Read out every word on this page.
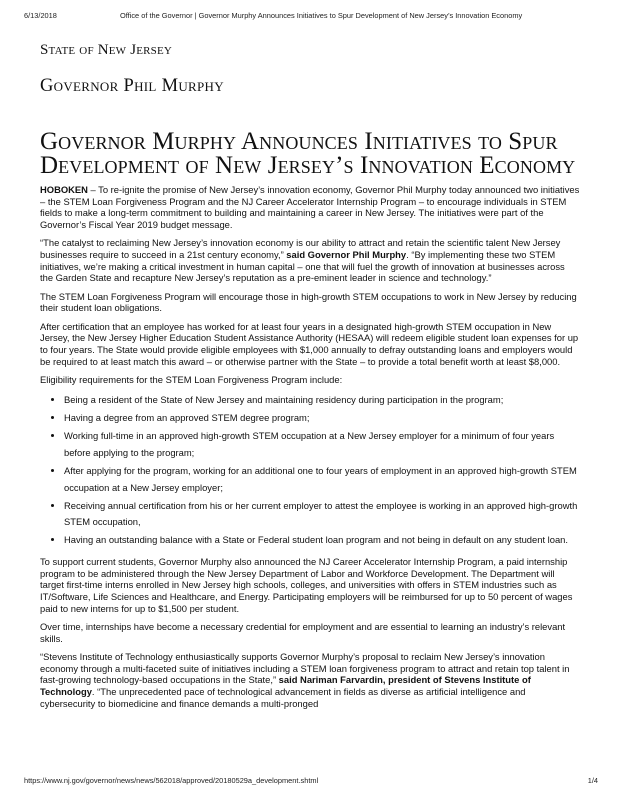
6/13/2018	Office of the Governor | Governor Murphy Announces Initiatives to Spur Development of New Jersey’s Innovation Economy
State of New Jersey
Governor Phil Murphy
Governor Murphy Announces Initiatives to Spur
Development of New Jersey’s Innovation Economy

HOBOKEN – To re-ignite the promise of New Jersey’s innovation economy, Governor Phil Murphy today announced two initiatives – the STEM Loan Forgiveness Program and the NJ Career Accelerator Internship Program – to encourage individuals in STEM fields to make a long-term commitment to building and maintaining a career in New Jersey. The initiatives were part of the Governor’s Fiscal Year 2019 budget message.

“The catalyst to reclaiming New Jersey’s innovation economy is our ability to attract and retain the scientific talent New Jersey businesses require to succeed in a 21st century economy,” said Governor Phil Murphy. “By implementing these two STEM initiatives, we’re making a critical investment in human capital – one that will fuel the growth of innovation at businesses across the Garden State and recapture New Jersey’s reputation as a pre-eminent leader in science and technology.”

The STEM Loan Forgiveness Program will encourage those in high-growth STEM occupations to work in New Jersey by reducing their student loan obligations.

After certification that an employee has worked for at least four years in a designated high-growth STEM occupation in New Jersey, the New Jersey Higher Education Student Assistance Authority (HESAA) will redeem eligible student loan expenses for up to four years. The State would provide eligible employees with $1,000 annually to defray outstanding loans and employers would be required to at least match this award – or otherwise partner with the State – to provide a total benefit worth at least $8,000.

Eligibility requirements for the STEM Loan Forgiveness Program include:

• Being a resident of the State of New Jersey and maintaining residency during participation in the program;
• Having a degree from an approved STEM degree program;
• Working full-time in an approved high-growth STEM occupation at a New Jersey employer for a minimum of four years before applying to the program;
• After applying for the program, working for an additional one to four years of employment in an approved high-growth STEM occupation at a New Jersey employer;
• Receiving annual certification from his or her current employer to attest the employee is working in an approved high-growth STEM occupation,
• Having an outstanding balance with a State or Federal student loan program and not being in default on any student loan.

To support current students, Governor Murphy also announced the NJ Career Accelerator Internship Program, a paid internship program to be administered through the New Jersey Department of Labor and Workforce Development. The Department will target first-time interns enrolled in New Jersey high schools, colleges, and universities with offers in STEM industries such as IT/Software, Life Sciences and Healthcare, and Energy. Participating employers will be reimbursed for up to 50 percent of wages paid to new interns for up to $1,500 per student.

Over time, internships have become a necessary credential for employment and are essential to learning an industry’s relevant skills.

“Stevens Institute of Technology enthusiastically supports Governor Murphy’s proposal to reclaim New Jersey’s innovation economy through a multi-faceted suite of initiatives including a STEM loan forgiveness program to attract and retain top talent in fast-growing technology-based occupations in the State,” said Nariman Farvardin, president of Stevens Institute of Technology. “The unprecedented pace of technological advancement in fields as diverse as artificial intelligence and cybersecurity to biomedicine and finance demands a multi-pronged

https://www.nj.gov/governor/news/news/562018/approved/20180529a_development.shtml	1/4
